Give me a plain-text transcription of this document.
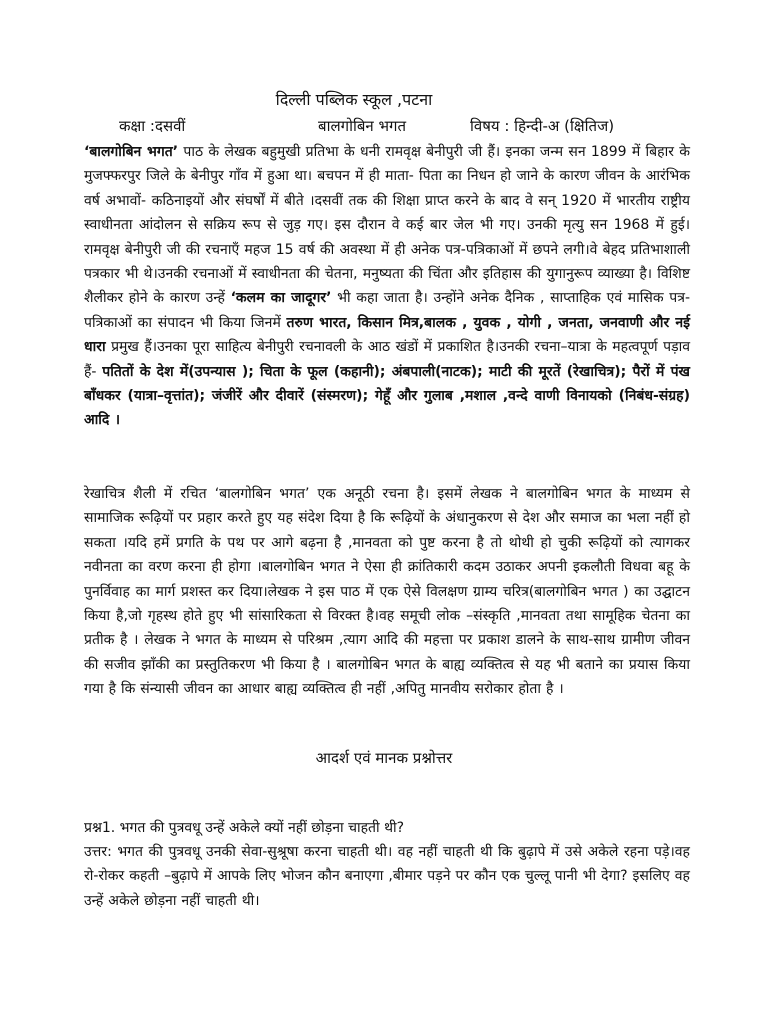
दिल्ली पब्लिक स्कूल ,पटना
कक्षा :दसवीं	बालगोबिन भगत	विषय : हिन्दी-अ (क्षितिज)

‘बालगोबिन भगत’ पाठ के लेखक बहुमुखी प्रतिभा के धनी रामवृक्ष बेनीपुरी जी हैं। इनका जन्म सन 1899 में बिहार के मुजफ्फरपुर जिले के बेनीपुर गाँव में हुआ था। बचपन में ही माता- पिता का निधन हो जाने के कारण जीवन के आरंभिक वर्ष अभावों- कठिनाइयों और संघर्षों में बीते ।दसवीं तक की शिक्षा प्राप्त करने के बाद वे सन् 1920 में भारतीय राष्ट्रीय स्वाधीनता आंदोलन से सक्रिय रूप से जुड़ गए। इस दौरान वे कई बार जेल भी गए। उनकी मृत्यु सन 1968 में हुई।रामवृक्ष बेनीपुरी जी की रचनाएँ महज 15 वर्ष की अवस्था में ही अनेक पत्र-पत्रिकाओं में छपने लगी।वे बेहद प्रतिभाशाली पत्रकार भी थे।उनकी रचनाओं में स्वाधीनता की चेतना, मनुष्यता की चिंता और इतिहास की युगानुरूप व्याख्या है। विशिष्ट शैलीकर होने के कारण उन्हें ‘कलम का जादूगर’ भी कहा जाता है। उन्होंने अनेक दैनिक , साप्ताहिक एवं मासिक पत्र-पत्रिकाओं का संपादन भी किया जिनमें तरुण भारत, किसान मित्र,बालक , युवक , योगी , जनता, जनवाणी और नई धारा प्रमुख हैं।उनका पूरा साहित्य बेनीपुरी रचनावली के आठ खंडों में प्रकाशित है।उनकी रचना–यात्रा के महत्वपूर्ण पड़ाव हैं- पतितों के देश में(उपन्यास ); चिता के फूल (कहानी); अंबपाली(नाटक); माटी की मूरतें (रेखाचित्र); पैरों में पंख बाँधकर (यात्रा–वृत्तांत); जंजीरें और दीवारें (संस्मरण); गेहूँ और गुलाब ,मशाल ,वन्दे वाणी विनायको (निबंध-संग्रह) आदि ।

रेखाचित्र शैली में रचित ‘बालगोबिन भगत’ एक अनूठी रचना है। इसमें लेखक ने बालगोबिन भगत के माध्यम से सामाजिक रूढ़ियों पर प्रहार करते हुए यह संदेश दिया है कि रूढ़ियों के अंधानुकरण से देश और समाज का भला नहीं हो सकता ।यदि हमें प्रगति के पथ पर आगे बढ़ना है ,मानवता को पुष्ट करना है तो थोथी हो चुकी रूढ़ियों को त्यागकर नवीनता का वरण करना ही होगा ।बालगोबिन भगत ने ऐसा ही क्रांतिकारी कदम उठाकर अपनी इकलौती विधवा बहू के पुनर्विवाह का मार्ग प्रशस्त कर दिया।लेखक ने इस पाठ में एक ऐसे विलक्षण ग्राम्य चरित्र(बालगोबिन भगत ) का उद्घाटन किया है,जो गृहस्थ होते हुए भी सांसारिकता से विरक्त है।वह समूची लोक –संस्कृति ,मानवता तथा सामूहिक चेतना का प्रतीक है । लेखक ने भगत के माध्यम से परिश्रम ,त्याग आदि की महत्ता पर प्रकाश डालने के साथ-साथ ग्रामीण जीवन की सजीव झाँकी का प्रस्तुतिकरण भी किया है । बालगोबिन भगत के बाह्य व्यक्तित्व से यह भी बताने का प्रयास किया गया है कि संन्यासी जीवन का आधार बाह्य व्यक्तित्व ही नहीं ,अपितु मानवीय सरोकार होता है ।

आदर्श एवं मानक प्रश्नोत्तर

प्रश्न1. भगत की पुत्रवधू उन्हें अकेले क्यों नहीं छोड़ना चाहती थी?

उत्तर: भगत की पुत्रवधू उनकी सेवा-सुश्रूषा करना चाहती थी। वह नहीं चाहती थी कि बुढ़ापे में उसे अकेले रहना पड़े।वह रो-रोकर कहती –बुढ़ापे में आपके लिए भोजन कौन बनाएगा ,बीमार पड़ने पर कौन एक चुल्लू पानी भी देगा? इसलिए वह उन्हें अकेले छोड़ना नहीं चाहती थी।
